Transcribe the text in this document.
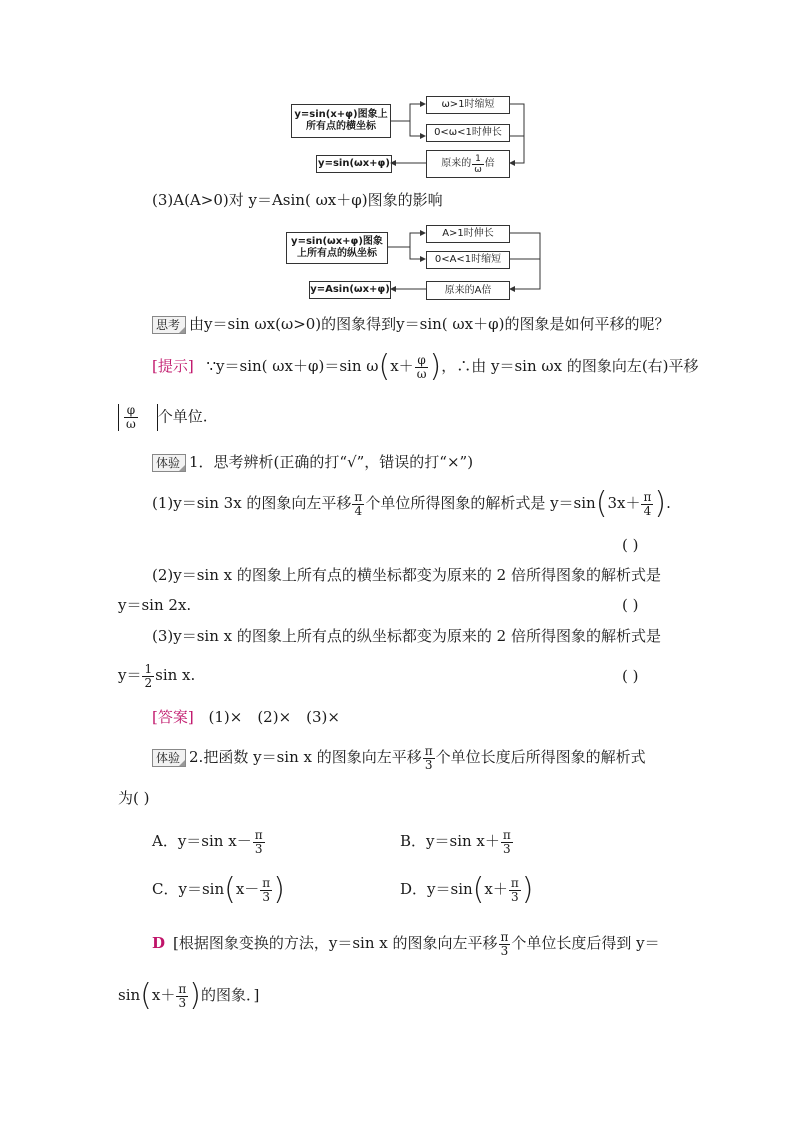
y=sin(x+φ)图象上所有点的横坐标
ω>1时缩短
0<ω<1时伸长
原来的 $\frac{1}{\omega}$ 倍
y=sin(ωx+φ)
(3)A(A>0)对 y＝Asin( ωx＋φ)图象的影响
y=sin(ωx+φ)图象上所有点的纵坐标
A>1时伸长
0<A<1时缩短
原来的A倍
y=Asin(ωx+φ)
思考 由y＝sin ωx(ω>0)的图象得到y＝sin( ωx＋φ)的图象是如何平移的呢？
[提示] ∵y＝sin( ωx＋φ)＝sin $\omega(x+ \frac{\varphi}{\omega}$ )，∴由 y＝sin ωx 的图象向左(右)平移
$\frac{\varphi}{\omega}$ 个单位.
体验 1．思考辨析(正确的打“√”，错误的打“×”)
(1)y＝sin 3x 的图象向左平移 $\frac{\pi}{4}$ 个单位所得图象的解析式是 $y=\sin(3x+ \frac{\pi}{4}$ ).
( )
(2)y＝sin x 的图象上所有点的横坐标都变为原来的 2 倍所得图象的解析式是
y＝sin 2x.	( )
(3)y＝sin x 的图象上所有点的纵坐标都变为原来的 2 倍所得图象的解析式是
$y= \frac{1}{2}$ sin x.	( )
[答案] (1)×　(2)×　(3)×
体验 2.把函数 y＝sin x 的图象向左平移 $\frac{\pi}{3}$ 个单位长度后所得图象的解析式
为( )
A．y＝sin $x- \frac{\pi}{3}$	B．y＝sin $x+ \frac{\pi}{3}$
C．$y=\sin(x- \frac{\pi}{3}$ )	D．$y=\sin(x+ \frac{\pi}{3}$ )
D [根据图象变换的方法，y＝sin x 的图象向左平移 $\frac{\pi}{3}$ 个单位长度后得到 y＝
$\sin(x+ \frac{\pi}{3}$ )的图象．]
